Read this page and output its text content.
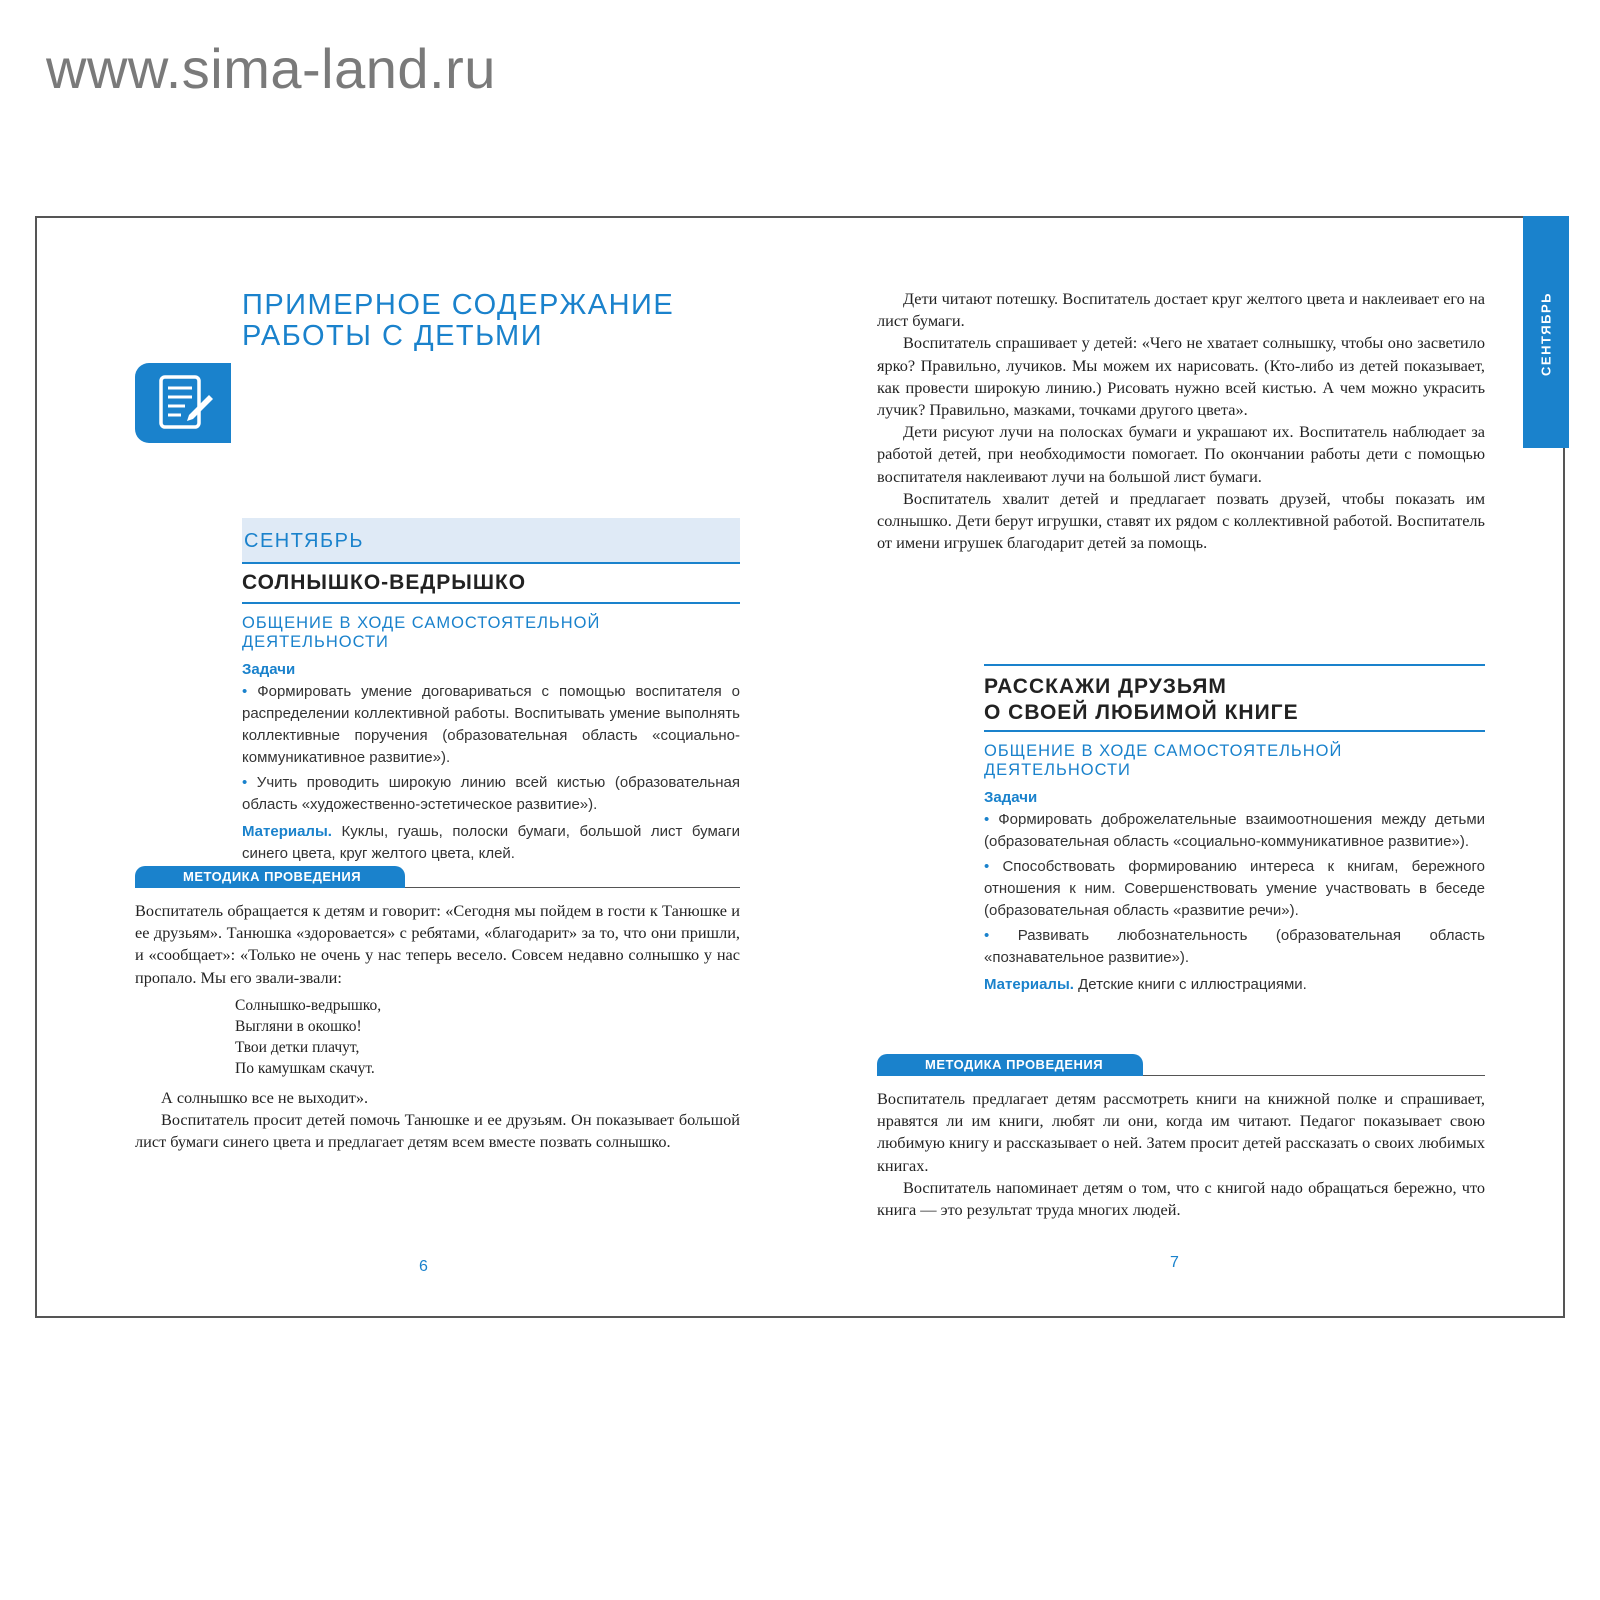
www.sima-land.ru
ПРИМЕРНОЕ СОДЕРЖАНИЕ РАБОТЫ С ДЕТЬМИ
СЕНТЯБРЬ
СОЛНЫШКО-ВЕДРЫШКО
ОБЩЕНИЕ В ХОДЕ САМОСТОЯТЕЛЬНОЙ ДЕЯТЕЛЬНОСТИ
Задачи

• Формировать умение договариваться с помощью воспитателя о распределении коллективной работы. Воспитывать умение выполнять коллективные поручения (образовательная область «социально-коммуникативное развитие»).

• Учить проводить широкую линию всей кистью (образовательная область «художественно-эстетическое развитие»).

Материалы. Куклы, гуашь, полоски бумаги, большой лист бумаги синего цвета, круг желтого цвета, клей.

МЕТОДИКА ПРОВЕДЕНИЯ

Воспитатель обращается к детям и говорит: «Сегодня мы пойдем в гости к Танюшке и ее друзьям». Танюшка «здоровается» с ребятами, «благодарит» за то, что они пришли, и «сообщает»: «Только не очень у нас теперь весело. Совсем недавно солнышко у нас пропало. Мы его звали-звали:

Солнышко-ведрышко,
Выгляни в окошко!
Твои детки плачут,
По камушкам скачут.

А солнышко все не выходит».

Воспитатель просит детей помочь Танюшке и ее друзьям. Он показывает большой лист бумаги синего цвета и предлагает детям всем вместе позвать солнышко.

6
СЕНТЯБРЬ

Дети читают потешку. Воспитатель достает круг желтого цвета и наклеивает его на лист бумаги.

Воспитатель спрашивает у детей: «Чего не хватает солнышку, чтобы оно засветило ярко? Правильно, лучиков. Мы можем их нарисовать. (Кто-либо из детей показывает, как провести широкую линию.) Рисовать нужно всей кистью. А чем можно украсить лучик? Правильно, мазками, точками другого цвета».

Дети рисуют лучи на полосках бумаги и украшают их. Воспитатель наблюдает за работой детей, при необходимости помогает. По окончании работы дети с помощью воспитателя наклеивают лучи на большой лист бумаги.

Воспитатель хвалит детей и предлагает позвать друзей, чтобы показать им солнышко. Дети берут игрушки, ставят их рядом с коллективной работой. Воспитатель от имени игрушек благодарит детей за помощь.

РАССКАЖИ ДРУЗЬЯМ
О СВОЕЙ ЛЮБИМОЙ КНИГЕ
ОБЩЕНИЕ В ХОДЕ САМОСТОЯТЕЛЬНОЙ ДЕЯТЕЛЬНОСТИ
Задачи

• Формировать доброжелательные взаимоотношения между детьми (образовательная область «социально-коммуникативное развитие»).

• Способствовать формированию интереса к книгам, бережного отношения к ним. Совершенствовать умение участвовать в беседе (образовательная область «развитие речи»).

• Развивать любознательность (образовательная область «познавательное развитие»).

Материалы. Детские книги с иллюстрациями.

МЕТОДИКА ПРОВЕДЕНИЯ

Воспитатель предлагает детям рассмотреть книги на книжной полке и спрашивает, нравятся ли им книги, любят ли они, когда им читают. Педагог показывает свою любимую книгу и рассказывает о ней. Затем просит детей рассказать о своих любимых книгах.

Воспитатель напоминает детям о том, что с книгой надо обращаться бережно, что книга — это результат труда многих людей.

7
